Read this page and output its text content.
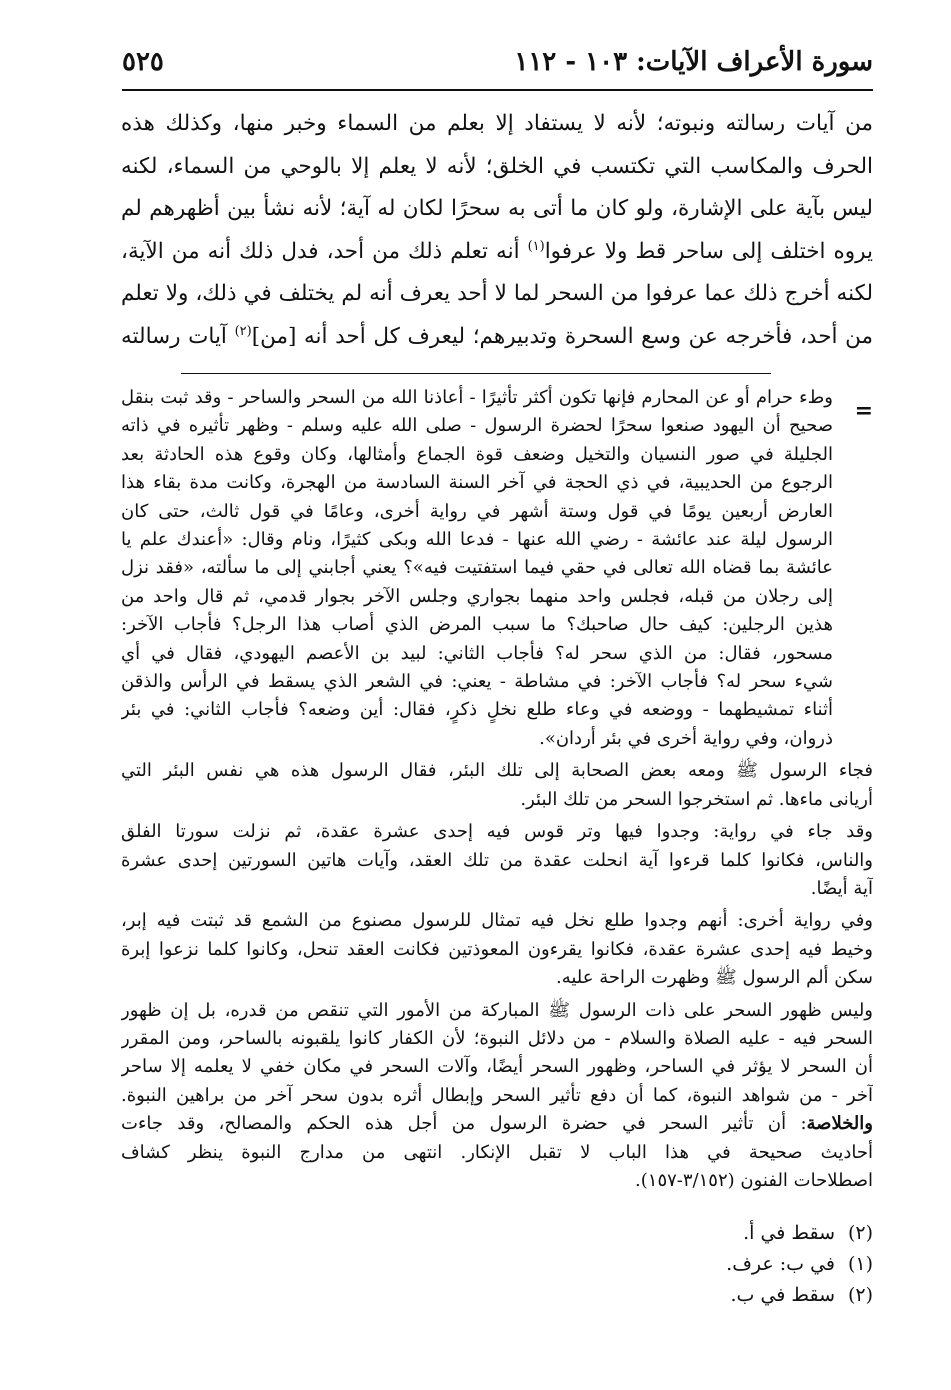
سورة الأعراف الآيات: ١٠٣ - ١١٢
٥٢٥
من آيات رسالته ونبوته؛ لأنه لا يستفاد إلا بعلم من السماء وخبر منها، وكذلك هذه
الحرف والمكاسب التي تكتسب في الخلق؛ لأنه لا يعلم إلا بالوحي من السماء، لكنه
ليس بآية على الإشارة، ولو كان ما أتى به سحرًا لكان له آية؛ لأنه نشأ بين أظهرهم لم
يروه اختلف إلى ساحر قط ولا عرفوا$^{(١)}$ أنه تعلم ذلك من أحد، فدل ذلك أنه من الآية،
لكنه أخرج ذلك عما عرفوا من السحر لما لا أحد يعرف أنه لم يختلف في ذلك، ولا تعلم
من أحد، فأخرجه عن وسع السحرة وتدبيرهم؛ ليعرف كل أحد أنه [من]$^{(٢)}$ آيات رسالته
=
وطء حرام أو عن المحارم فإنها تكون أكثر تأثيرًا - أعاذنا الله من السحر والساحر - وقد ثبت بنقل
صحيح أن اليهود صنعوا سحرًا لحضرة الرسول - صلى الله عليه وسلم - وظهر تأثيره في ذاته
الجليلة في صور النسيان والتخيل وضعف قوة الجماع وأمثالها، وكان وقوع هذه الحادثة بعد
الرجوع من الحديبية، في ذي الحجة في آخر السنة السادسة من الهجرة، وكانت مدة بقاء هذا
العارض أربعين يومًا في قول وستة أشهر في رواية أخرى، وعامًا في قول ثالث، حتى كان
الرسول ليلة عند عائشة - رضي الله عنها - فدعا الله وبكى كثيرًا، ونام وقال: «أعندك علم يا
عائشة بما قضاه الله تعالى في حقي فيما استفتيت فيه»؟ يعني أجابني إلى ما سألته، «فقد نزل
إلى رجلان من قبله، فجلس واحد منهما بجواري وجلس الآخر بجوار قدمي، ثم قال واحد من
هذين الرجلين: كيف حال صاحبك؟ ما سبب المرض الذي أصاب هذا الرجل؟ فأجاب الآخر:
مسحور، فقال: من الذي سحر له؟ فأجاب الثاني: لبيد بن الأعصم اليهودي، فقال في أي
شيء سحر له؟ فأجاب الآخر: في مشاطة - يعني: في الشعر الذي يسقط في الرأس والذقن
أثناء تمشيطهما - ووضعه في وعاء طلع نخلٍ ذكرٍ، فقال: أين وضعه؟ فأجاب الثاني: في بئر
ذروان، وفي رواية أخرى في بئر أردان».
فجاء الرسول ﷺ ومعه بعض الصحابة إلى تلك البئر، فقال الرسول هذه هي نفس البئر التي
أريانى ماءها. ثم استخرجوا السحر من تلك البئر.
وقد جاء في رواية: وجدوا فيها وتر قوس فيه إحدى عشرة عقدة، ثم نزلت سورتا الفلق
والناس، فكانوا كلما قرءوا آية انحلت عقدة من تلك العقد، وآيات هاتين السورتين إحدى عشرة
آية أيضًا.
وفي رواية أخرى: أنهم وجدوا طلع نخل فيه تمثال للرسول مصنوع من الشمع قد ثبتت فيه إبر،
وخيط فيه إحدى عشرة عقدة، فكانوا يقرءون المعوذتين فكانت العقد تنحل، وكانوا كلما نزعوا إبرة
سكن ألم الرسول ﷺ وظهرت الراحة عليه.
وليس ظهور السحر على ذات الرسول ﷺ المباركة من الأمور التي تنقص من قدره، بل إن ظهور
السحر فيه - عليه الصلاة والسلام - من دلائل النبوة؛ لأن الكفار كانوا يلقبونه بالساحر، ومن المقرر
أن السحر لا يؤثر في الساحر، وظهور السحر أيضًا، وآلات السحر في مكان خفي لا يعلمه إلا ساحر
آخر - من شواهد النبوة، كما أن دفع تأثير السحر وإبطال أثره بدون سحر آخر من براهين النبوة.
والخلاصة: أن تأثير السحر في حضرة الرسول من أجل هذه الحكم والمصالح، وقد جاءت
أحاديث صحيحة في هذا الباب لا تقبل الإنكار. انتهى من مدارج النبوة ينظر كشاف
اصطلاحات الفنون (٣/١٥٢-١٥٧).
(٢)سقط في أ.
(١)في ب: عرف.
(٢)سقط في ب.
